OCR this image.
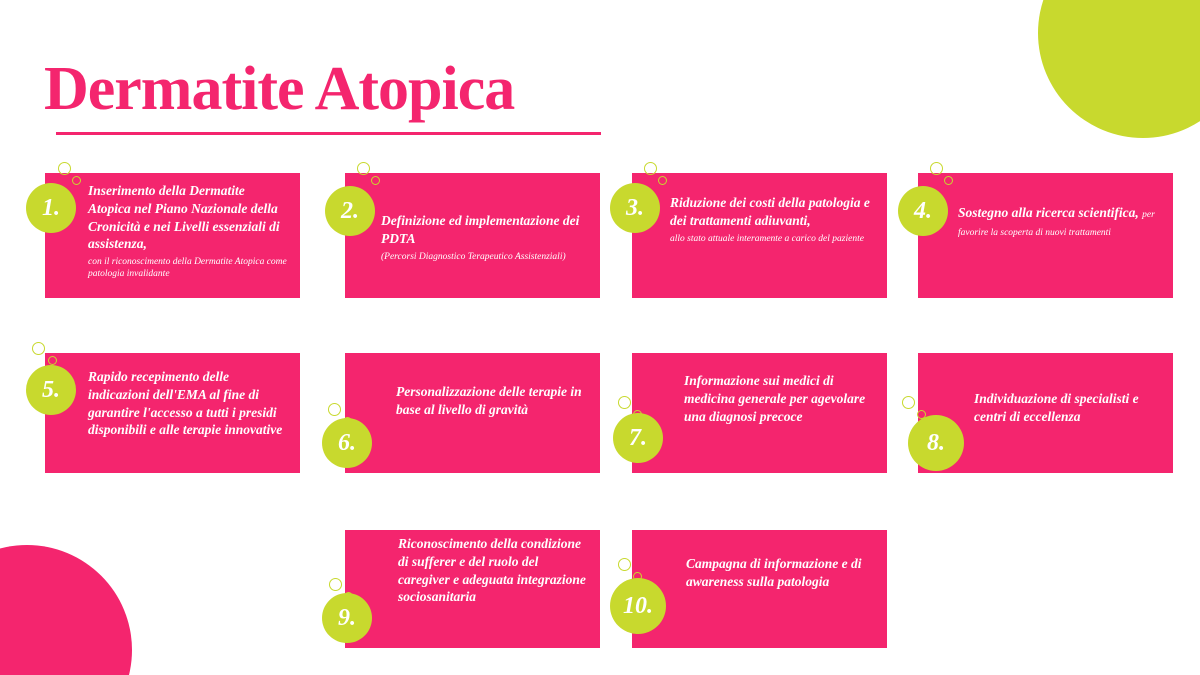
Dermatite Atopica
1.
Inserimento della Dermatite Atopica nel Piano Nazionale della Cronicità e nei Livelli essenziali di assistenza,
con il riconoscimento della Dermatite Atopica come patologia invalidante
2.	Definizione ed implementazione dei PDTA
(Percorsi Diagnostico Terapeutico Assistenziali)
3.	Riduzione dei costi della patologia e dei trattamenti adiuvanti,
allo stato attuale interamente a carico del paziente
4.	Sostegno alla ricerca scientifica, per favorire la scoperta di nuovi trattamenti
5.	Rapido recepimento delle indicazioni dell'EMA al fine di garantire l'accesso a tutti i presidi disponibili e alle terapie innovative	6.
Personalizzazione delle terapie in base al livello di gravità
7.
Informazione sui medici di medicina generale per agevolare una diagnosi precoce
8.
Individuazione di specialisti e centri di eccellenza
9.
Riconoscimento della condizione di sufferer e del ruolo del caregiver e adeguata integrazione sociosanitaria	10.
Campagna di informazione e di awareness sulla patologia
